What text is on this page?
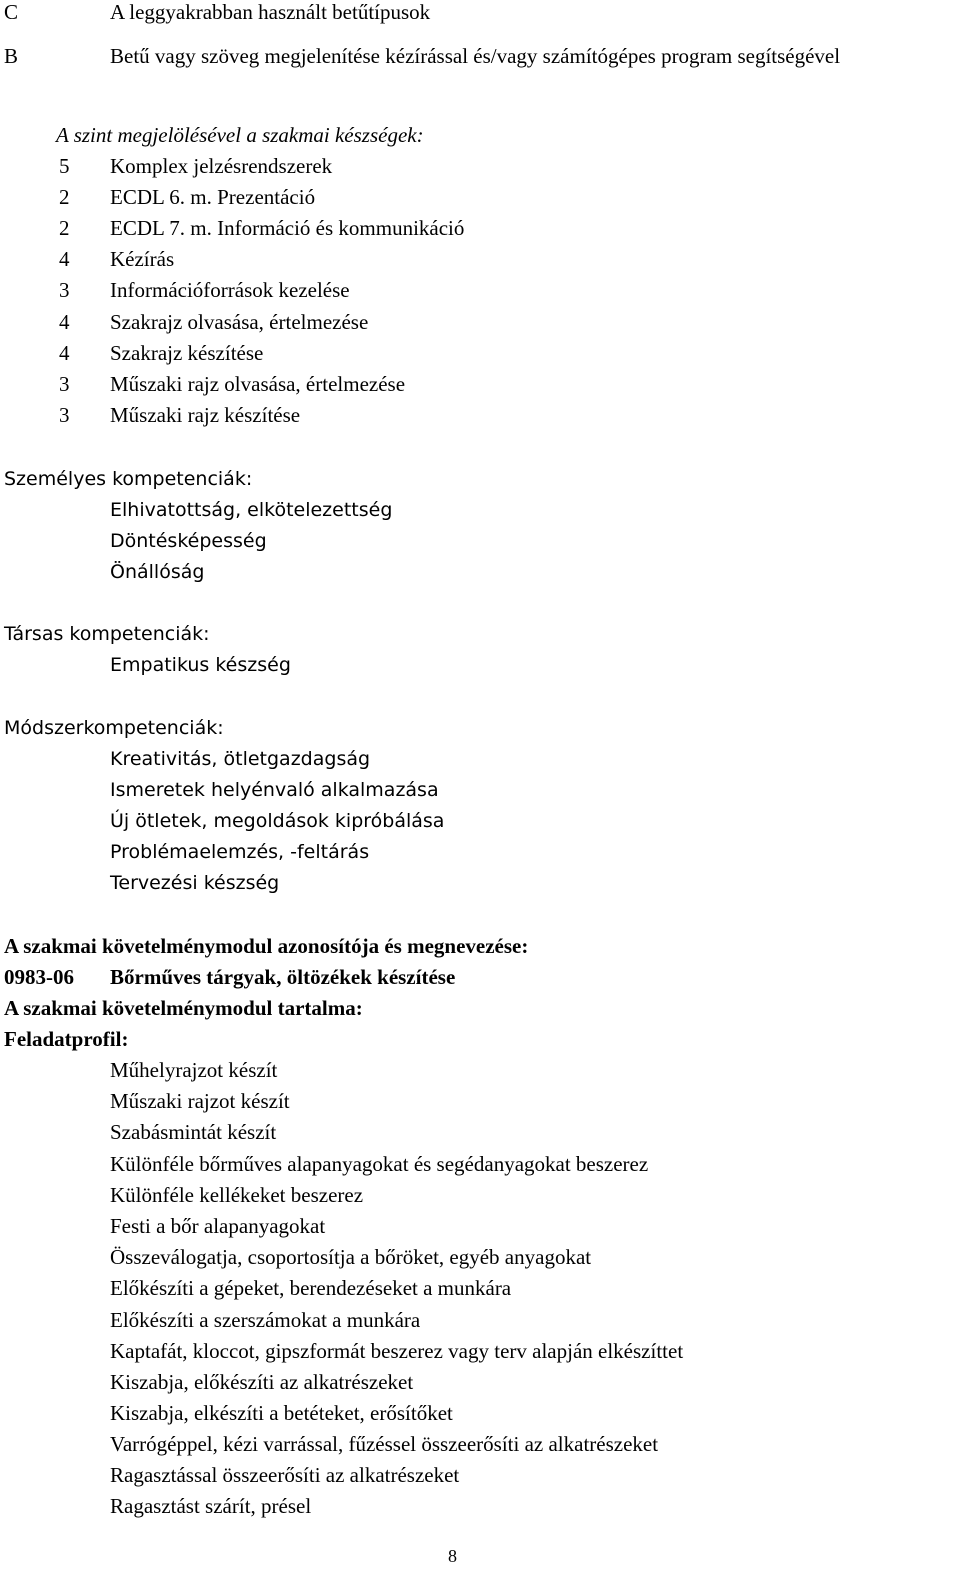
C	A leggyakrabban használt betűtípusok
B	Betű vagy szöveg megjelenítése kézírással és/vagy számítógépes program segítségével
A szint megjelölésével a szakmai készségek:
5 Komplex jelzésrendszerek
2 ECDL 6. m. Prezentáció
2 ECDL 7. m. Információ és kommunikáció
4 Kézírás
3 Információforrások kezelése
4 Szakrajz olvasása, értelmezése
4 Szakrajz készítése
3 Műszaki rajz olvasása, értelmezése
3 Műszaki rajz készítése
Személyes kompetenciák:
Elhivatottság, elkötelezettség
Döntésképesség
Önállóság
Társas kompetenciák:
Empatikus készség
Módszerkompetenciák:
Kreativitás, ötletgazdagság
Ismeretek helyénvaló alkalmazása
Új ötletek, megoldások kipróbálása
Problémaelemzés, -feltárás
Tervezési készség
A szakmai követelménymodul azonosítója és megnevezése:
0983-06 Bőrműves tárgyak, öltözékek készítése
A szakmai követelménymodul tartalma:
Feladatprofil:
Műhelyrajzot készít
Műszaki rajzot készít
Szabásmintát készít
Különféle bőrműves alapanyagokat és segédanyagokat beszerez
Különféle kellékeket beszerez
Festi a bőr alapanyagokat
Összeválogatja, csoportosítja a bőröket, egyéb anyagokat
Előkészíti a gépeket, berendezéseket a munkára
Előkészíti a szerszámokat a munkára
Kaptafát, kloccot, gipszformát beszerez vagy terv alapján elkészíttet
Kiszabja, előkészíti az alkatrészeket
Kiszabja, elkészíti a betéteket, erősítőket
Varrógéppel, kézi varrással, fűzéssel összeerősíti az alkatrészeket
Ragasztással összeerősíti az alkatrészeket
Ragasztást szárít, présel
8
